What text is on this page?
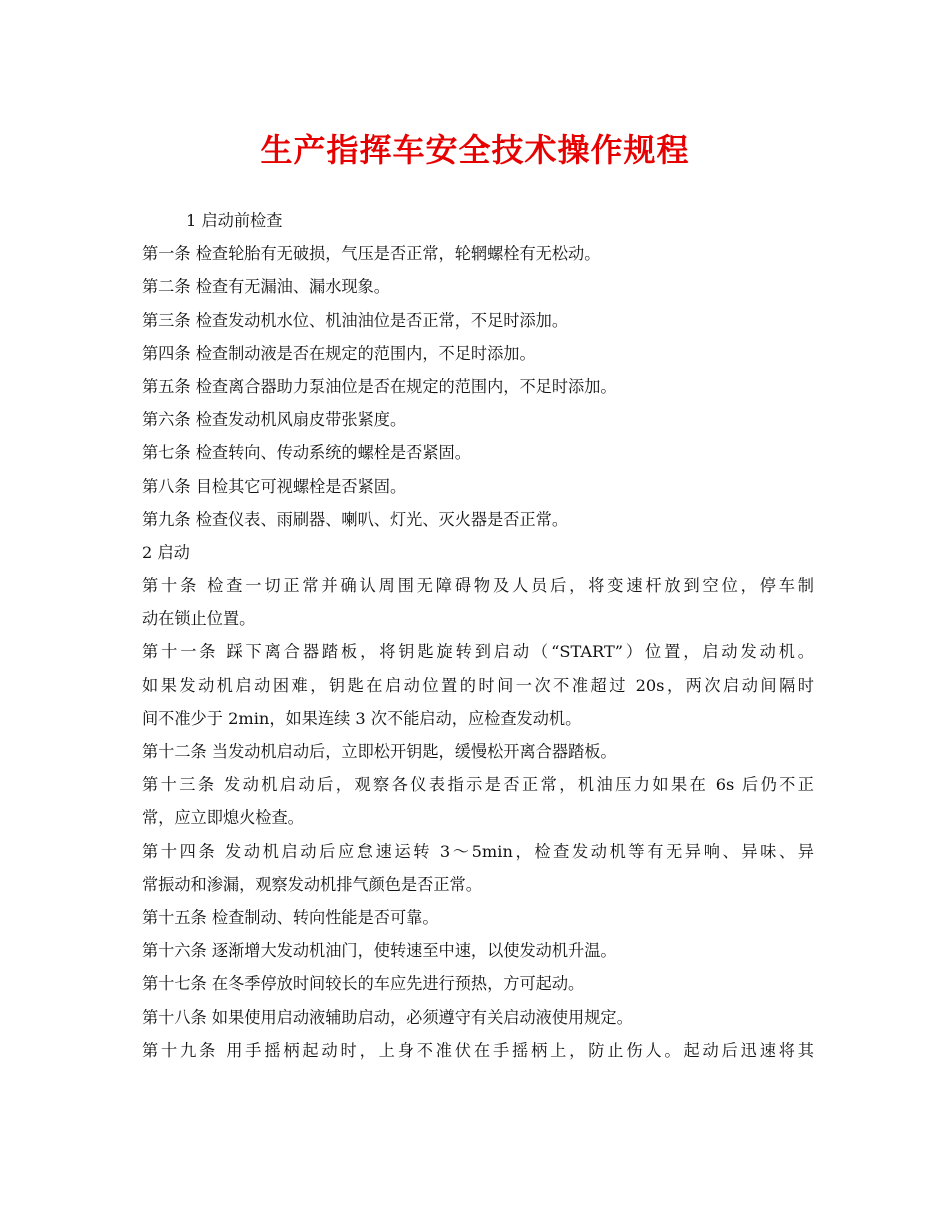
生产指挥车安全技术操作规程
1 启动前检查
第一条 检查轮胎有无破损，气压是否正常，轮辋螺栓有无松动。
第二条 检查有无漏油、漏水现象。
第三条 检查发动机水位、机油油位是否正常，不足时添加。
第四条 检查制动液是否在规定的范围内，不足时添加。
第五条 检查离合器助力泵油位是否在规定的范围内，不足时添加。
第六条 检查发动机风扇皮带张紧度。
第七条 检查转向、传动系统的螺栓是否紧固。
第八条 目检其它可视螺栓是否紧固。
第九条 检查仪表、雨刷器、喇叭、灯光、灭火器是否正常。
2 启动
第十条 检查一切正常并确认周围无障碍物及人员后，将变速杆放到空位，停车制
动在锁止位置。
第十一条 踩下离合器踏板，将钥匙旋转到启动（“START”）位置，启动发动机。
如果发动机启动困难，钥匙在启动位置的时间一次不准超过 20s，两次启动间隔时
间不准少于 2min，如果连续 3 次不能启动，应检查发动机。
第十二条 当发动机启动后，立即松开钥匙，缓慢松开离合器踏板。
第十三条 发动机启动后，观察各仪表指示是否正常，机油压力如果在 6s 后仍不正
常，应立即熄火检查。
第十四条 发动机启动后应怠速运转 3～5min，检查发动机等有无异响、异味、异
常振动和渗漏，观察发动机排气颜色是否正常。
第十五条 检查制动、转向性能是否可靠。
第十六条 逐渐增大发动机油门，使转速至中速，以使发动机升温。
第十七条 在冬季停放时间较长的车应先进行预热，方可起动。
第十八条 如果使用启动液辅助启动，必须遵守有关启动液使用规定。
第十九条 用手摇柄起动时，上身不准伏在手摇柄上，防止伤人。起动后迅速将其
